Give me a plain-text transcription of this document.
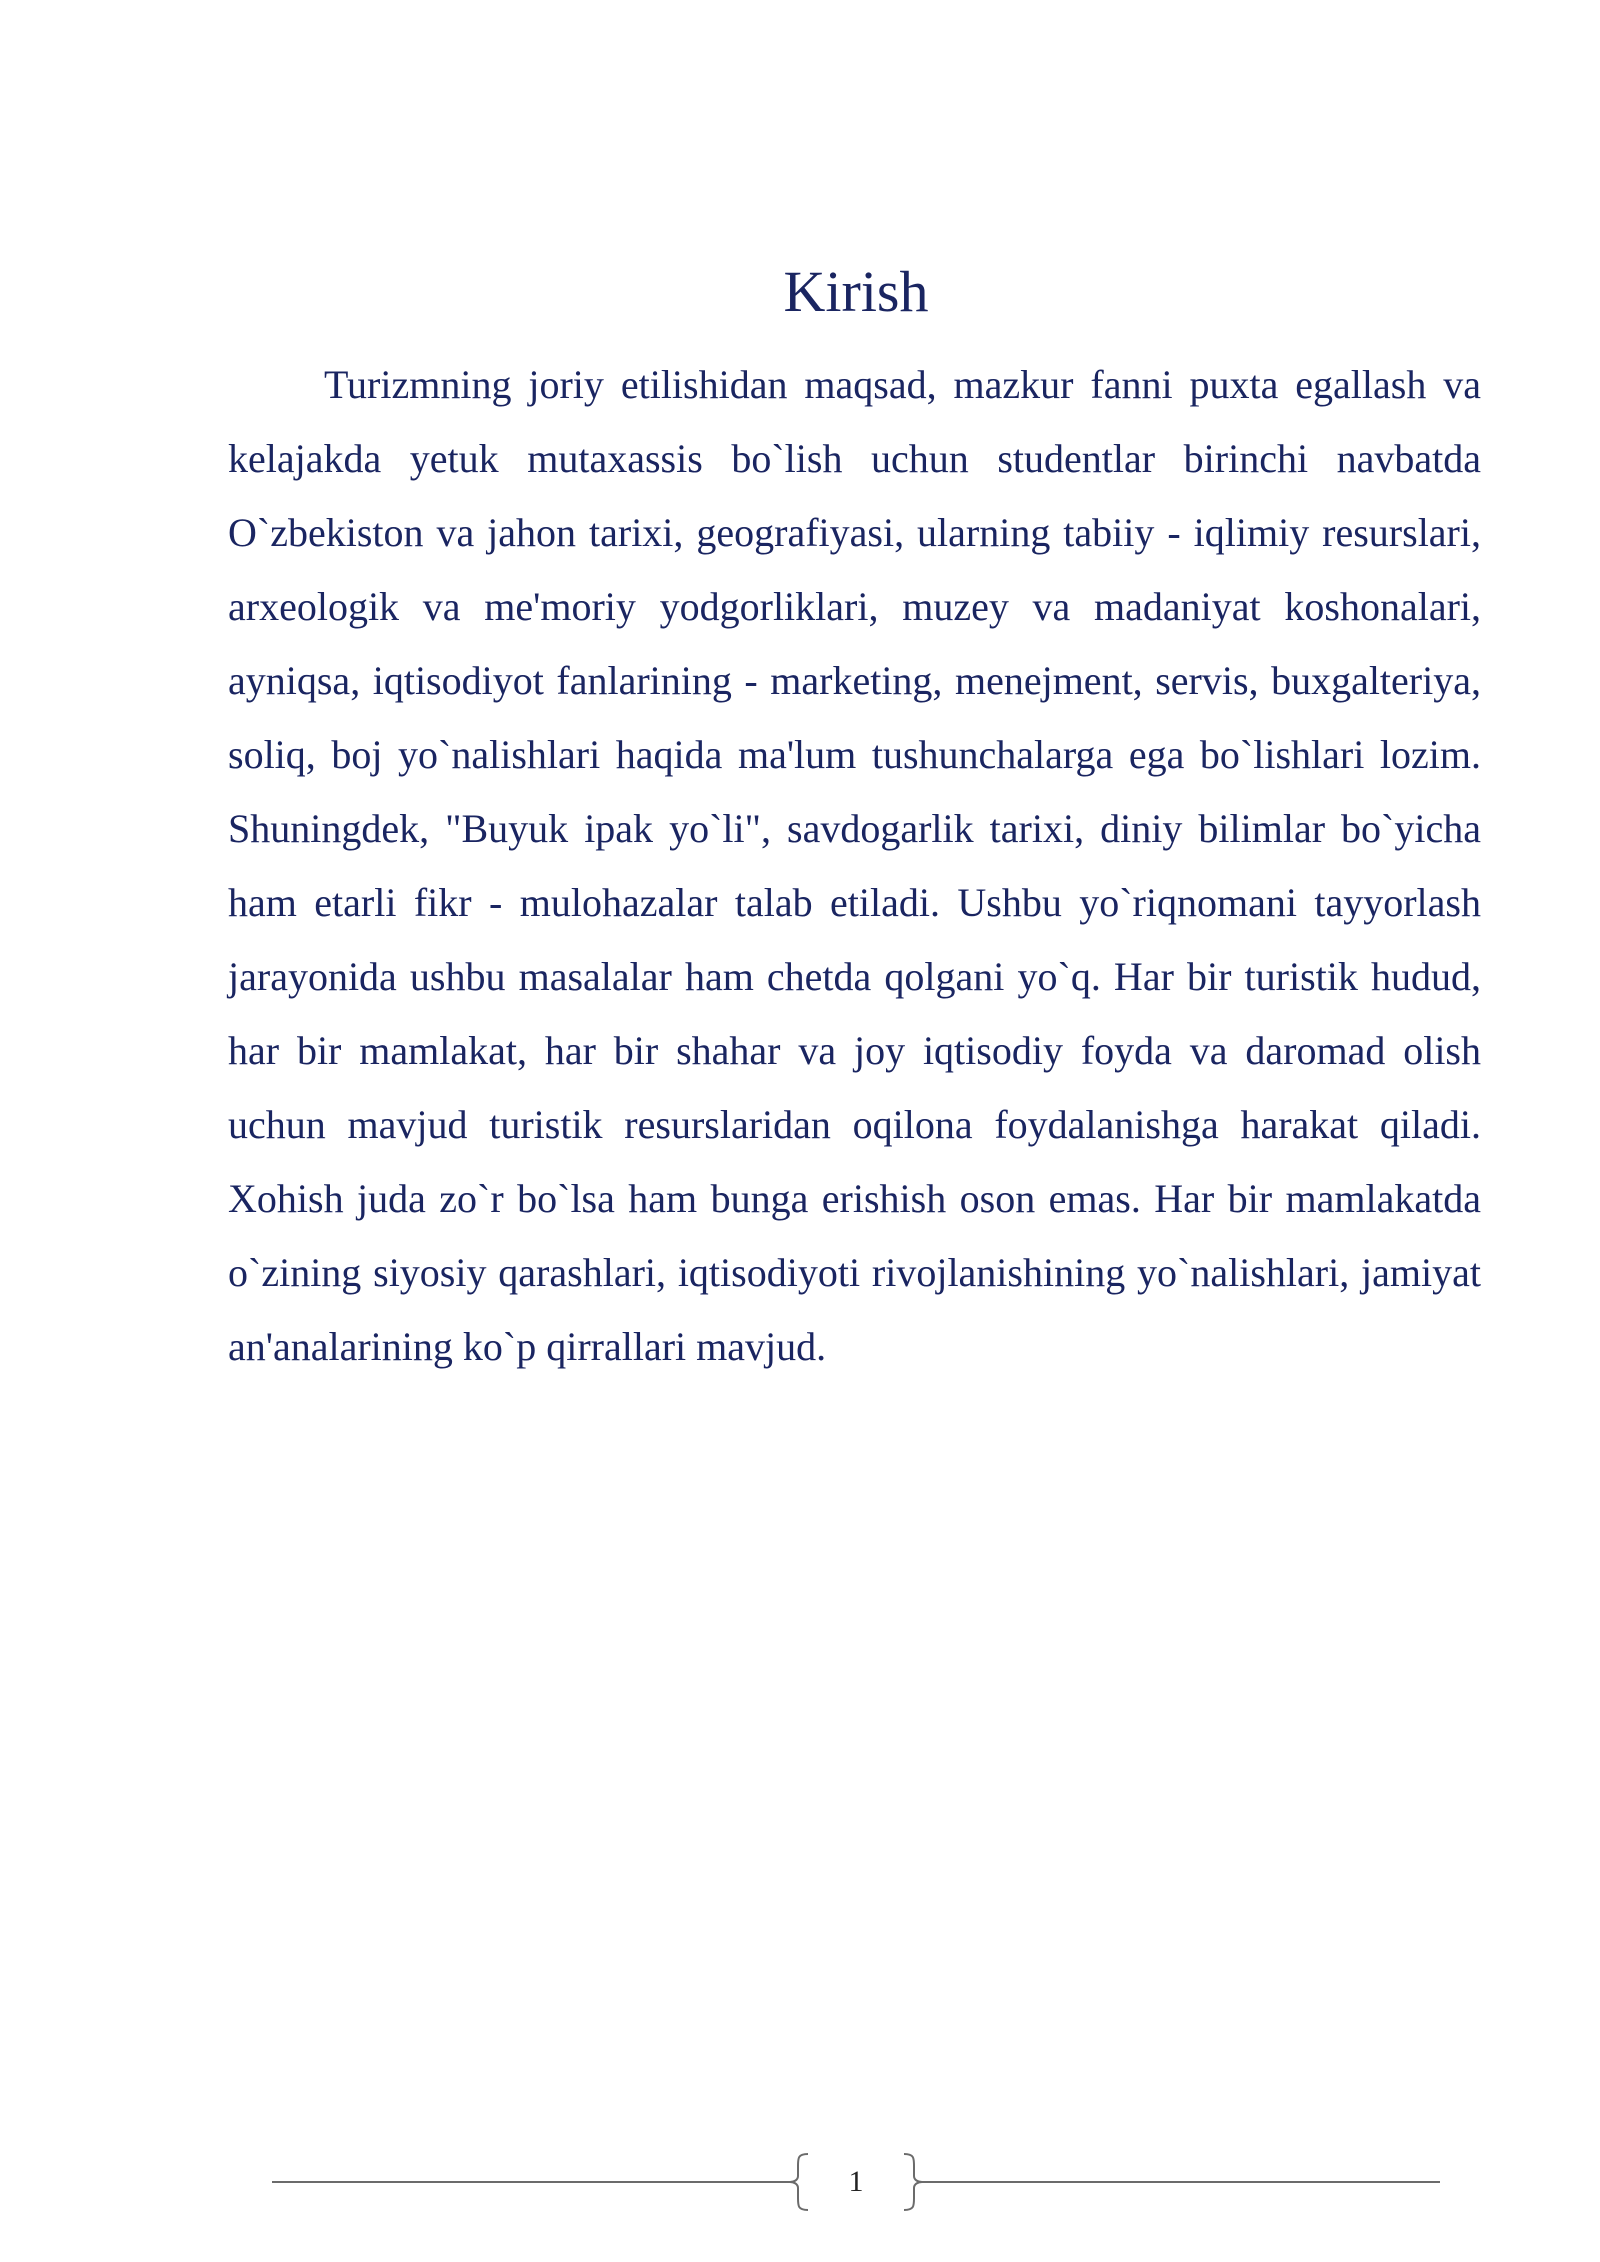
Kirish

Turizmning joriy etilishidan maqsad, mazkur fanni puxta egallash va kelajakda yetuk mutaxassis bo`lish uchun studentlar birinchi navbatda O`zbekiston va jahon tarixi, geografiyasi, ularning tabiiy - iqlimiy resurslari, arxeologik va me'moriy yodgorliklari, muzey va madaniyat koshonalari, ayniqsa, iqtisodiyot fanlarining - marketing, menejment, servis, buxgalteriya, soliq, boj yo`nalishlari haqida ma'lum tushunchalarga ega bo`lishlari lozim. Shuningdek, "Buyuk ipak yo`li", savdogarlik tarixi, diniy bilimlar bo`yicha ham etarli fikr - mulohazalar talab etiladi. Ushbu yo`riqnomani tayyorlash jarayonida ushbu masalalar ham chetda qolgani yo`q. Har bir turistik hudud, har bir mamlakat, har bir shahar va joy iqtisodiy foyda va daromad olish uchun mavjud turistik resurslaridan oqilona foydalanishga harakat qiladi. Xohish juda zo`r bo`lsa ham bunga erishish oson emas. Har bir mamlakatda o`zining siyosiy qarashlari, iqtisodiyoti rivojlanishining yo`nalishlari, jamiyat an'analarining ko`p qirrallari mavjud.

1
